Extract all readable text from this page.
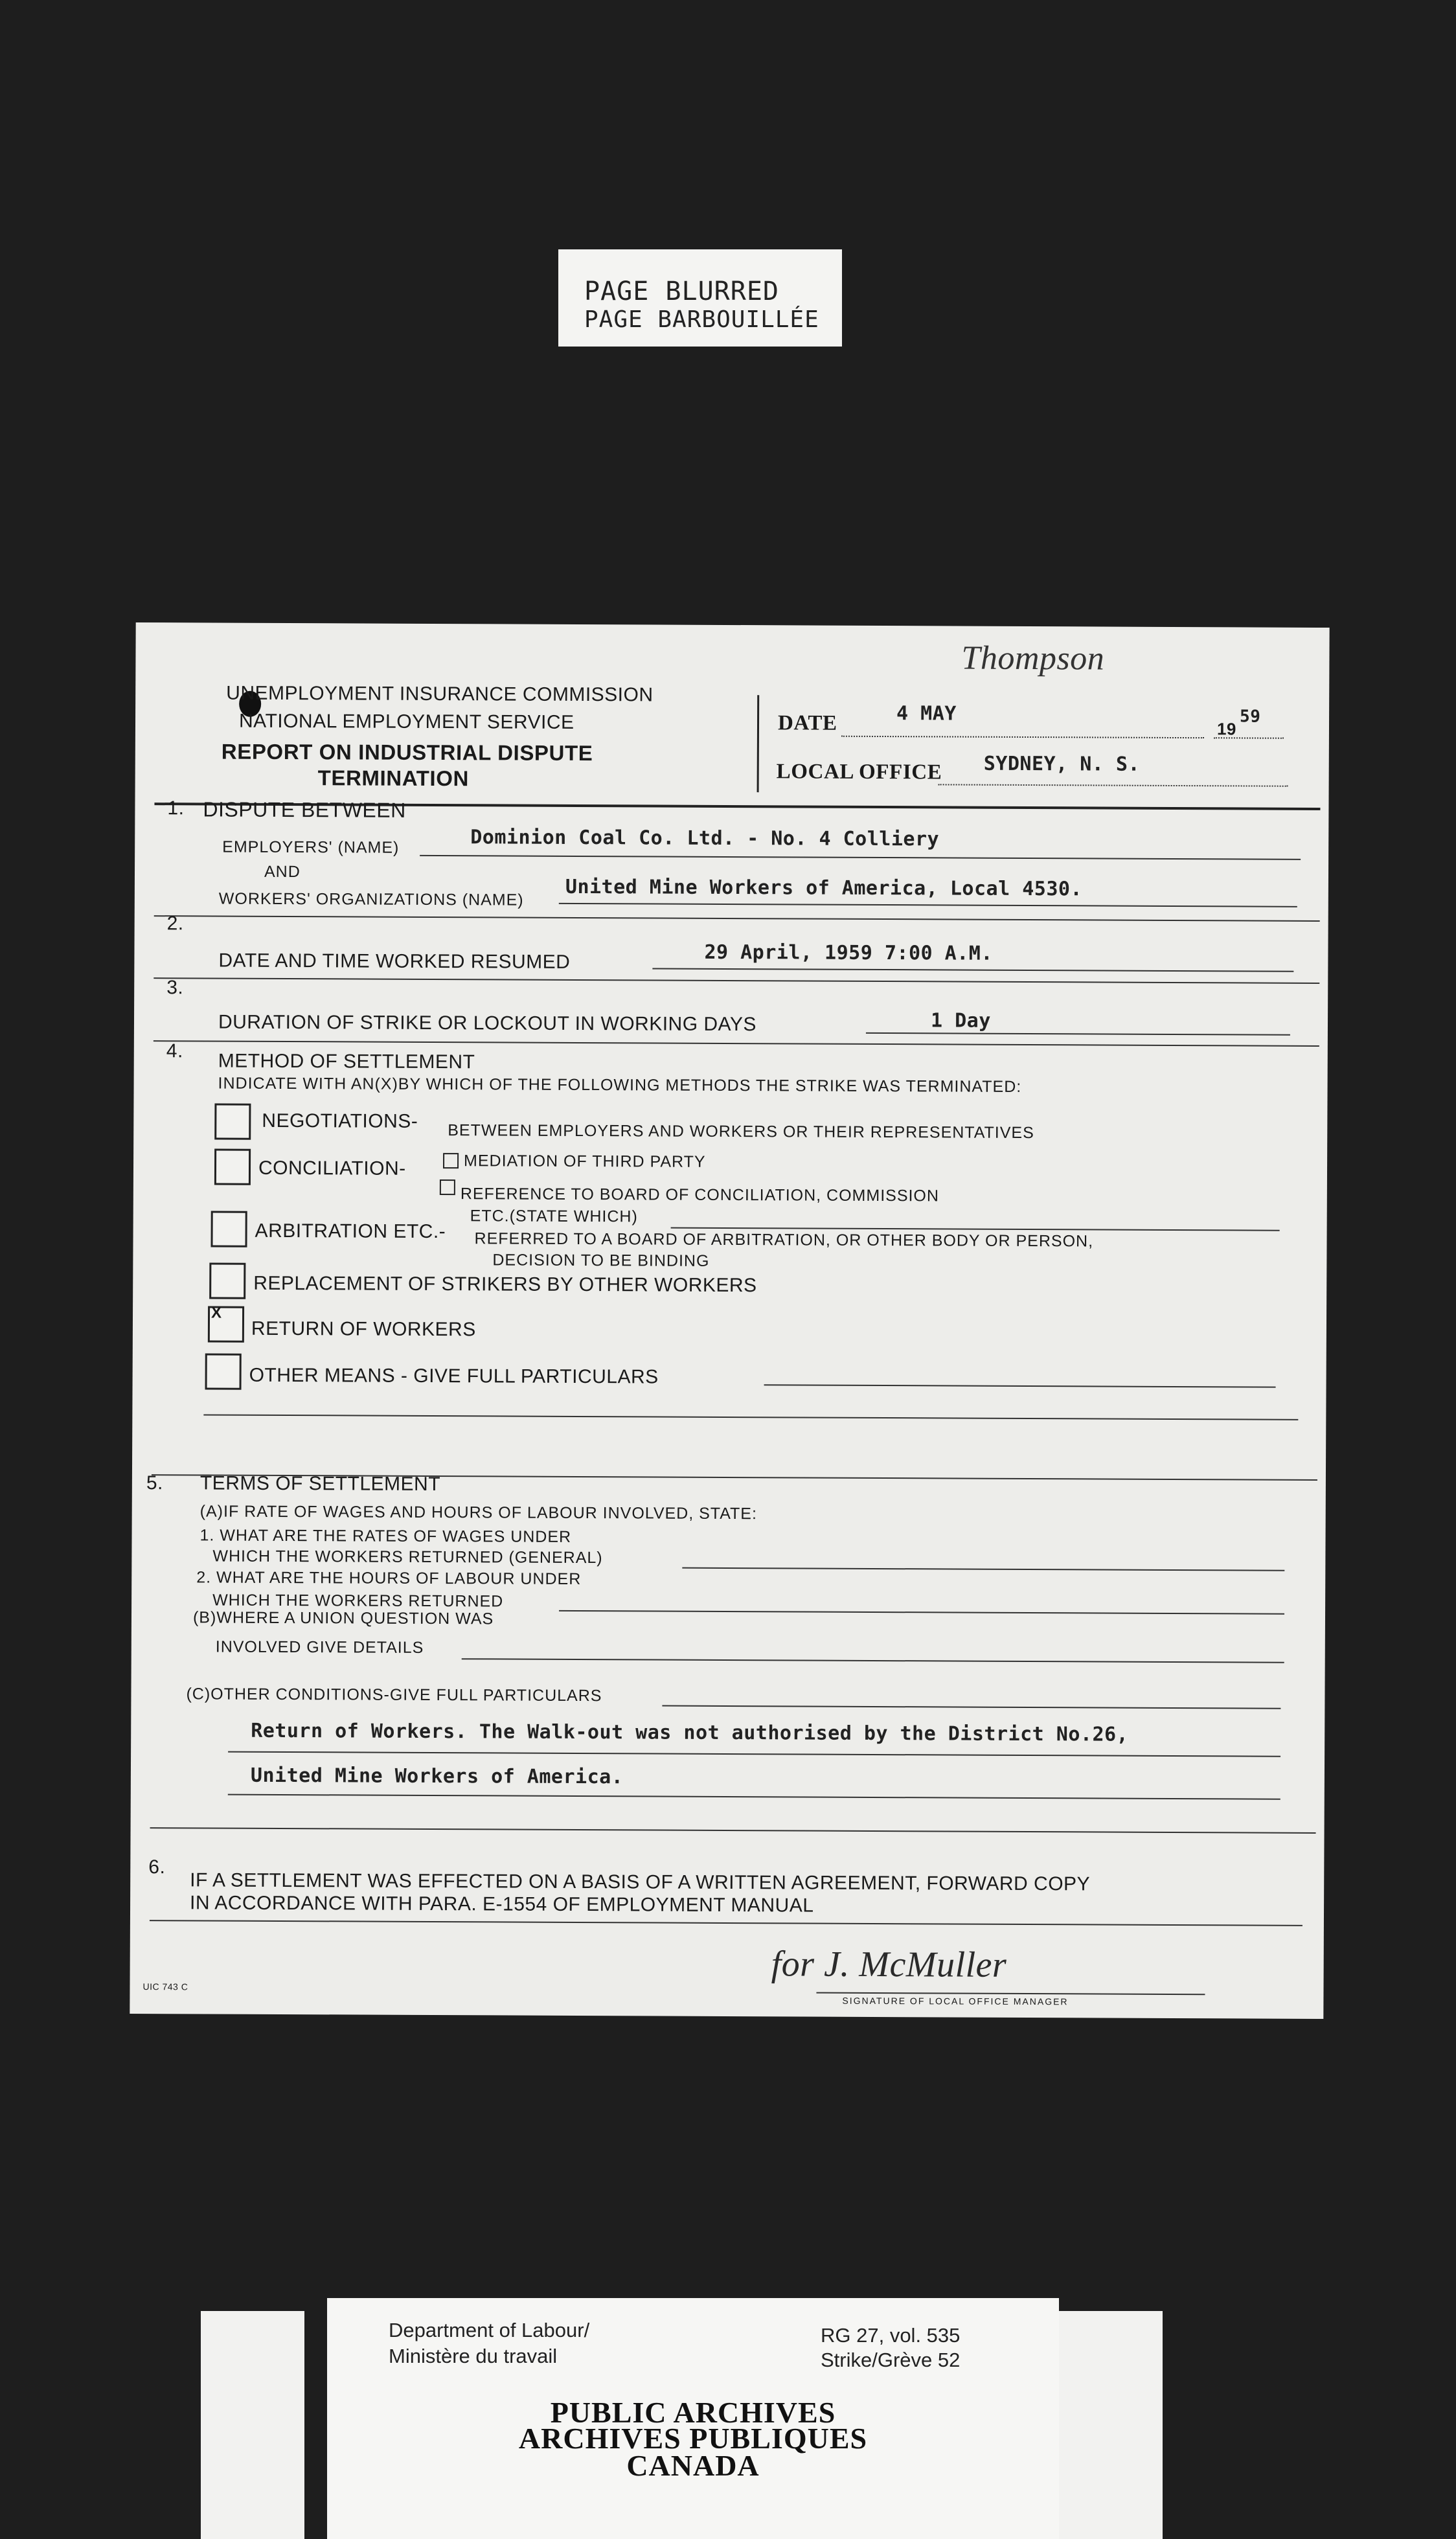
PAGE BLURRED
PAGE BARBOUILLÉE
UNEMPLOYMENT INSURANCE COMMISSION
NATIONAL EMPLOYMENT SERVICE
REPORT ON INDUSTRIAL DISPUTE
TERMINATION
Thompson
DATE	4 MAY
19
59
LOCAL OFFICE SYDNEY, N. S.
1. DISPUTE BETWEEN
EMPLOYERS' (NAME)	Dominion Coal Co. Ltd. - No. 4 Colliery
AND
WORKERS' ORGANIZATIONS (NAME) United Mine Workers of America, Local 4530.
2.
DATE AND TIME WORKED RESUMED	29 April, 1959 7:00 A.M.
3.
DURATION OF STRIKE OR LOCKOUT IN WORKING DAYS	1 Day
4. METHOD OF SETTLEMENT
INDICATE WITH AN(X)BY WHICH OF THE FOLLOWING METHODS THE STRIKE WAS TERMINATED:
NEGOTIATIONS- BETWEEN EMPLOYERS AND WORKERS OR THEIR REPRESENTATIVES
CONCILIATION-	MEDIATION OF THIRD PARTY
REFERENCE TO BOARD OF CONCILIATION, COMMISSION
ETC.(STATE WHICH)
ARBITRATION ETC.- REFERRED TO A BOARD OF ARBITRATION, OR OTHER BODY OR PERSON,
DECISION TO BE BINDING
REPLACEMENT OF STRIKERS BY OTHER WORKERS
X
RETURN OF WORKERS
OTHER MEANS - GIVE FULL PARTICULARS
5. TERMS OF SETTLEMENT
(A)IF RATE OF WAGES AND HOURS OF LABOUR INVOLVED, STATE:
1. WHAT ARE THE RATES OF WAGES UNDER
WHICH THE WORKERS RETURNED (GENERAL)
2. WHAT ARE THE HOURS OF LABOUR UNDER
WHICH THE WORKERS RETURNED
(B)WHERE A UNION QUESTION WAS
INVOLVED GIVE DETAILS
(C)OTHER CONDITIONS-GIVE FULL PARTICULARS
Return of Workers. The Walk-out was not authorised by the District No.26,
United Mine Workers of America.
6.
IF A SETTLEMENT WAS EFFECTED ON A BASIS OF A WRITTEN AGREEMENT, FORWARD COPY
IN ACCORDANCE WITH PARA. E-1554 OF EMPLOYMENT MANUAL
UIC 743 C
for J. McMuller
SIGNATURE OF LOCAL OFFICE MANAGER
Department of Labour/
Ministère du travail
RG 27, vol. 535
Strike/Grève 52
PUBLIC ARCHIVES
ARCHIVES PUBLIQUES
CANADA
